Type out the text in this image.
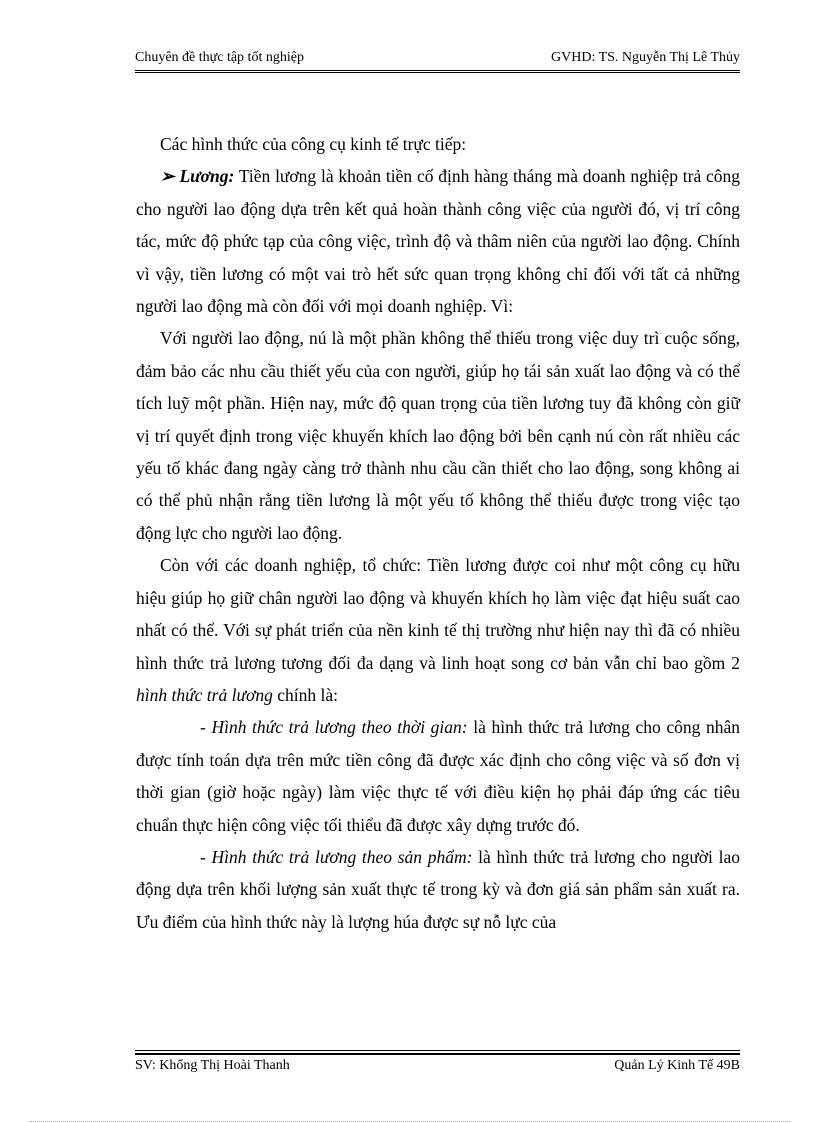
Chuyên đề thực tập tốt nghiệp	GVHD: TS. Nguyễn Thị Lê Thủy

Các hình thức của công cụ kinh tế trực tiếp:

➢ Lương: Tiền lương là khoản tiền cố định hàng tháng mà doanh nghiệp trả công cho người lao động dựa trên kết quả hoàn thành công việc của người đó, vị trí công tác, mức độ phức tạp của công việc, trình độ và thâm niên của người lao động. Chính vì vậy, tiền lương có một vai trò hết sức quan trọng không chỉ đối với tất cả những người lao động mà còn đối với mọi doanh nghiệp. Vì:

Với người lao động, nú là một phần không thể thiếu trong việc duy trì cuộc sống, đảm bảo các nhu cầu thiết yếu của con người, giúp họ tái sản xuất lao động và có thể tích luỹ một phần. Hiện nay, mức độ quan trọng của tiền lương tuy đã không còn giữ vị trí quyết định trong việc khuyến khích lao động bởi bên cạnh nú còn rất nhiều các yếu tố khác đang ngày càng trở thành nhu cầu cần thiết cho lao động, song không ai có thể phủ nhận rằng tiền lương là một yếu tố không thể thiếu được trong việc tạo động lực cho người lao động.

Còn với các doanh nghiệp, tổ chức: Tiền lương được coi như một công cụ hữu hiệu giúp họ giữ chân người lao động và khuyến khích họ làm việc đạt hiệu suất cao nhất có thể. Với sự phát triển của nền kinh tế thị trường như hiện nay thì đã có nhiều hình thức trả lương tương đối đa dạng và linh hoạt song cơ bản vẫn chỉ bao gồm 2 hình thức trả lương chính là:

- Hình thức trả lương theo thời gian: là hình thức trả lương cho công nhân được tính toán dựa trên mức tiền công đã được xác định cho công việc và số đơn vị thời gian (giờ hoặc ngày) làm việc thực tế với điều kiện họ phải đáp ứng các tiêu chuẩn thực hiện công việc tối thiểu đã được xây dựng trước đó.

- Hình thức trả lương theo sản phẩm: là hình thức trả lương cho người lao động dựa trên khối lượng sản xuất thực tế trong kỳ và đơn giá sản phẩm sản xuất ra. Ưu điểm của hình thức này là lượng húa được sự nỗ lực của

SV: Khổng Thị Hoài Thanh	Quản Lý Kinh Tế 49B
